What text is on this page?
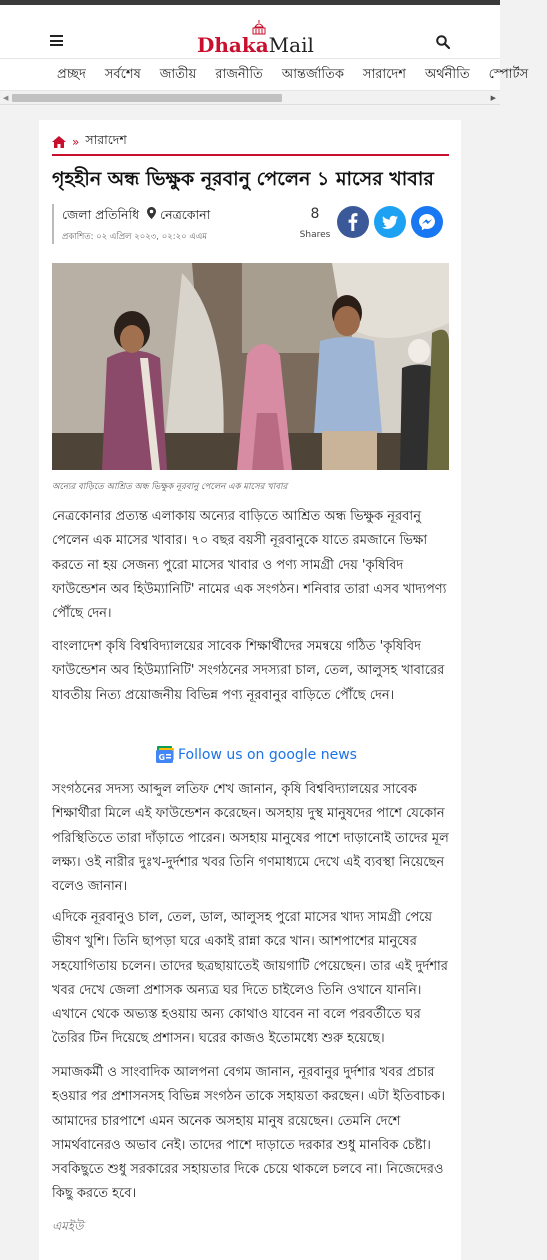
Dhaka Mail
প্রচ্ছদ সর্বশেষ জাতীয় রাজনীতি আন্তর্জাতিক সারাদেশ অর্থনীতি স্পোর্টস
◀	▶
» সারাদেশ
গৃহহীন অন্ধ ভিক্ষুক নূরবানু পেলেন ১ মাসের খাবার
জেলা প্রতিনিধি নেত্রকোনা
প্রকাশিত: ০২ এপ্রিল ২০২৩, ০২:২০ এএম
8
Shares
অন্যের বাড়িতে আশ্রিত অন্ধ ভিক্ষুক নূরবানু পেলেন এক মাসের খাবার
নেত্রকোনার প্রত্যন্ত এলাকায় অন্যের বাড়িতে আশ্রিত অন্ধ ভিক্ষুক নূরবানু পেলেন এক মাসের খাবার। ৭০ বছর বয়সী নূরবানুকে যাতে রমজানে ভিক্ষা করতে না হয় সেজন্য পুরো মাসের খাবার ও পণ্য সামগ্রী দেয় 'কৃষিবিদ ফাউন্ডেশন অব হিউম্যানিটি' নামের এক সংগঠন। শনিবার তারা এসব খাদ্যপণ্য পৌঁছে দেন।
বাংলাদেশ কৃষি বিশ্ববিদ্যালয়ের সাবেক শিক্ষার্থীদের সমন্বয়ে গঠিত 'কৃষিবিদ ফাউন্ডেশন অব হিউম্যানিটি' সংগঠনের সদস্যরা চাল, তেল, আলুসহ খাবারের যাবতীয় নিত্য প্রয়োজনীয় বিভিন্ন পণ্য নূরবানুর বাড়িতে পৌঁছে দেন।
G Follow us on google news
সংগঠনের সদস্য আব্দুল লতিফ শেখ জানান, কৃষি বিশ্ববিদ্যালয়ের সাবেক শিক্ষার্থীরা মিলে এই ফাউন্ডেশন করেছেন। অসহায় দুস্থ মানুষদের পাশে যেকোন পরিস্থিতিতে তারা দাঁড়াতে পারেন। অসহায় মানুষের পাশে দাড়ানোই তাদের মূল লক্ষ্য। ওই নারীর দুঃখ-দুর্দশার খবর তিনি গণমাধ্যমে দেখে এই ব্যবস্থা নিয়েছেন বলেও জানান।
এদিকে নূরবানুও চাল, তেল, ডাল, আলুসহ পুরো মাসের খাদ্য সামগ্রী পেয়ে ভীষণ খুশি। তিনি ছাপড়া ঘরে একাই রান্না করে খান। আশপাশের মানুষের সহযোগিতায় চলেন। তাদের ছত্রছায়াতেই জায়গাটি পেয়েছেন। তার এই দুর্দশার খবর দেখে জেলা প্রশাসক অন্যত্র ঘর দিতে চাইলেও তিনি ওখানে যাননি। এখানে থেকে অভ্যস্ত হওয়ায় অন্য কোথাও যাবেন না বলে পরবর্তীতে ঘর তৈরির টিন দিয়েছে প্রশাসন। ঘরের কাজও ইতোমধ্যে শুরু হয়েছে।
সমাজকর্মী ও সাংবাদিক আলপনা বেগম জানান, নূরবানুর দুর্দশার খবর প্রচার হওয়ার পর প্রশাসনসহ বিভিন্ন সংগঠন তাকে সহায়তা করছেন। এটা ইতিবাচক। আমাদের চারপাশে এমন অনেক অসহায় মানুষ রয়েছেন। তেমনি দেশে সামর্থবানেরও অভাব নেই। তাদের পাশে দাড়াতে দরকার শুধু মানবিক চেষ্টা। সবকিছুতে শুধু সরকারের সহায়তার দিকে চেয়ে থাকলে চলবে না। নিজেদেরও কিছু করতে হবে।
এমইউ
